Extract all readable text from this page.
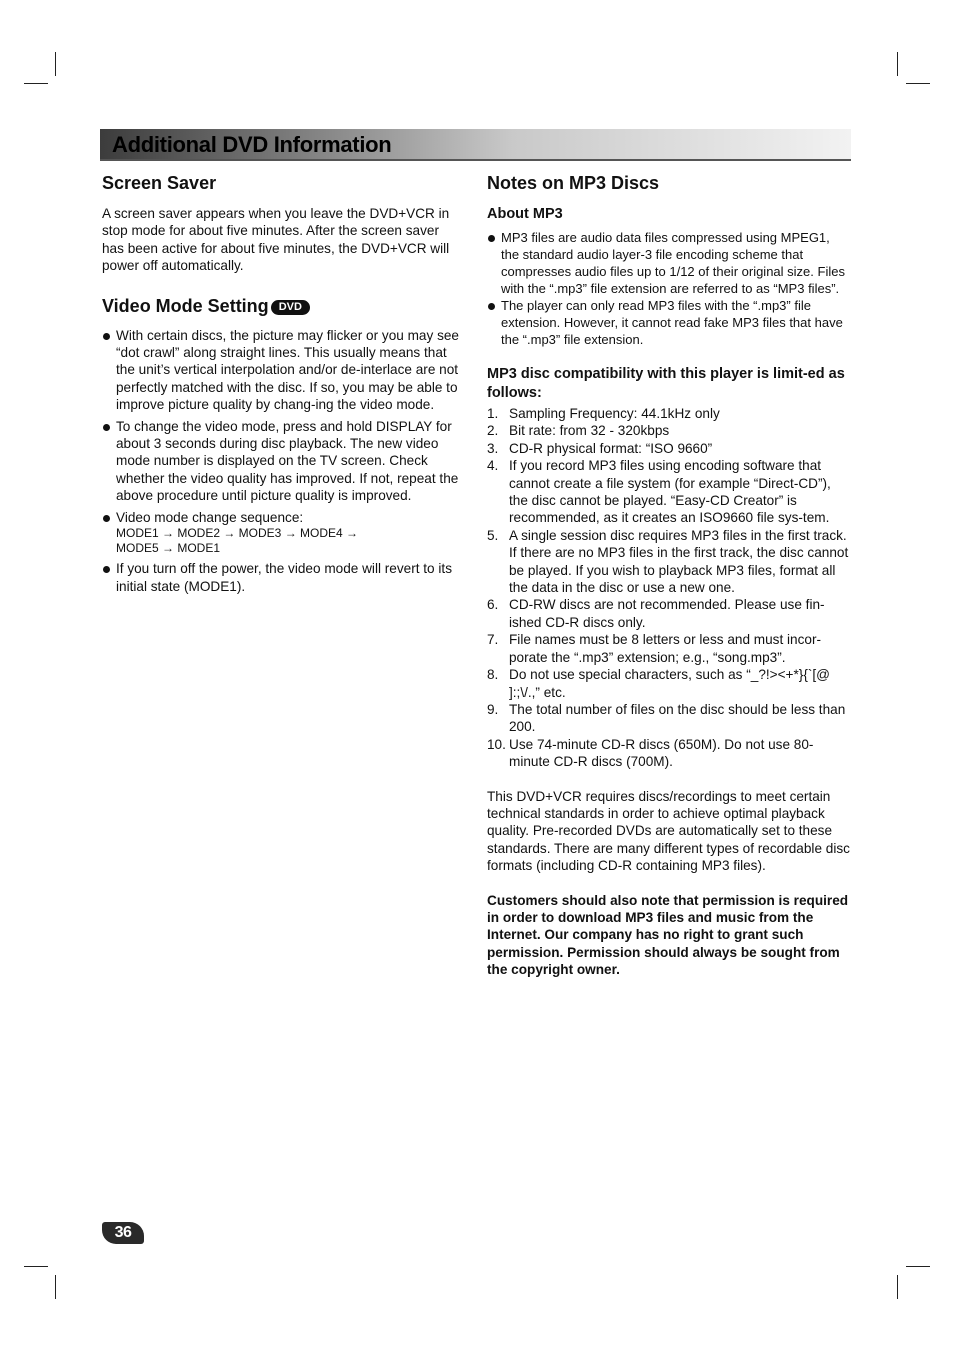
Additional DVD Information
Screen Saver

A screen saver appears when you leave the DVD+VCR in stop mode for about five minutes. After the screen saver has been active for about five minutes, the DVD+VCR will power off automatically.

Video Mode Setting DVD
With certain discs, the picture may flicker or you may see “dot crawl” along straight lines. This usually means that the unit’s vertical interpolation and/or de-interlace are not perfectly matched with the disc. If so, you may be able to improve picture quality by chang-ing the video mode.
To change the video mode, press and hold DISPLAY for about 3 seconds during disc playback. The new video mode number is displayed on the TV screen. Check whether the video quality has improved. If not, repeat the above procedure until picture quality is improved.
Video mode change sequence:
MODE1 → MODE2 → MODE3 → MODE4 →
MODE5 → MODE1
If you turn off the power, the video mode will revert to its initial state (MODE1).
Notes on MP3 Discs
About MP3
MP3 files are audio data files compressed using MPEG1, the standard audio layer-3 file encoding scheme that compresses audio files up to 1/12 of their original size. Files with the “.mp3” file extension are referred to as “MP3 files”.
The player can only read MP3 files with the “.mp3” file extension. However, it cannot read fake MP3 files that have the “.mp3” file extension.
MP3 disc compatibility with this player is limit-ed as follows:
1. Sampling Frequency: 44.1kHz only
2. Bit rate: from 32 - 320kbps
3. CD-R physical format: “ISO 9660”
4. If you record MP3 files using encoding software that cannot create a file system (for example “Direct-CD”), the disc cannot be played. “Easy-CD Creator” is recommended, as it creates an ISO9660 file sys-tem.
5. A single session disc requires MP3 files in the first track. If there are no MP3 files in the first track, the disc cannot be played. If you wish to playback MP3 files, format all the data in the disc or use a new one.
6. CD-RW discs are not recommended. Please use fin-ished CD-R discs only.
7. File names must be 8 letters or less and must incor-porate the “.mp3” extension; e.g., “song.mp3”.
8. Do not use special characters, such as “_?!><+*}{`[@ ]:;\/.,” etc.
9. The total number of files on the disc should be less than 200.
10. Use 74-minute CD-R discs (650M). Do not use 80-minute CD-R discs (700M).

This DVD+VCR requires discs/recordings to meet certain technical standards in order to achieve optimal playback quality. Pre-recorded DVDs are automatically set to these standards. There are many different types of recordable disc formats (including CD-R containing MP3 files).

Customers should also note that permission is required in order to download MP3 files and music from the Internet. Our company has no right to grant such permission. Permission should always be sought from the copyright owner.

36
